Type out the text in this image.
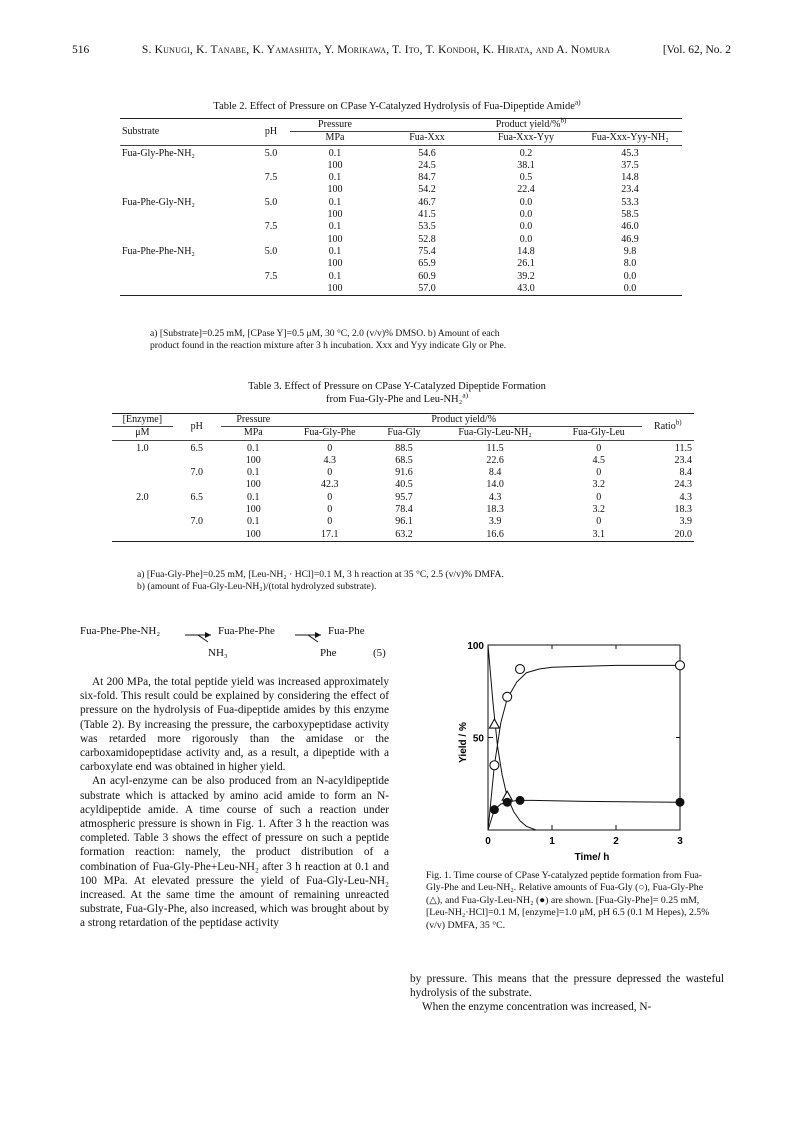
516	S. Kunugi, K. Tanabe, K. Yamashita, Y. Morikawa, T. Ito, T. Kondoh, K. Hirata, and A. Nomura	[Vol. 62, No. 2
Table 2. Effect of Pressure on CPase Y-Catalyzed Hydrolysis of Fua-Dipeptide Amide$^{a)}$
Substrate	pH	Pressure	Product yield/%$^{b)}$
		MPa	Fua-Xxx	Fua-Xxx-Yyy	Fua-Xxx-Yyy-NH₂
Fua-Gly-Phe-NH₂	5.0	0.1	54.6	0.2	45.3
		100	24.5	38.1	37.5
	7.5	0.1	84.7	0.5	14.8
		100	54.2	22.4	23.4
Fua-Phe-Gly-NH₂	5.0	0.1	46.7	0.0	53.3
		100	41.5	0.0	58.5
	7.5	0.1	53.5	0.0	46.0
		100	52.8	0.0	46.9
Fua-Phe-Phe-NH₂	5.0	0.1	75.4	14.8	9.8
		100	65.9	26.1	8.0
	7.5	0.1	60.9	39.2	0.0
		100	57.0	43.0	0.0

a) [Substrate]=0.25 mM, [CPase Y]=0.5 μM, 30 °C, 2.0 (v/v)% DMSO. b) Amount of each
product found in the reaction mixture after 3 h incubation. Xxx and Yyy indicate Gly or Phe.
Table 3. Effect of Pressure on CPase Y-Catalyzed Dipeptide Formation
from Fua-Gly-Phe and Leu-NH₂$^{a)}$
[Enzyme]	pH	Pressure	Product yield/%				Ratio$^{b)}$
μM		MPa	Fua-Gly-Phe	Fua-Gly	Fua-Gly-Leu-NH₂	Fua-Gly-Leu	
1.0	6.5	0.1	0	88.5	11.5	0	11.5
		100	4.3	68.5	22.6	4.5	23.4
	7.0	0.1	0	91.6	8.4	0	8.4
		100	42.3	40.5	14.0	3.2	24.3
2.0	6.5	0.1	0	95.7	4.3	0	4.3
		100	0	78.4	18.3	3.2	18.3
	7.0	0.1	0	96.1	3.9	0	3.9
		100	17.1	63.2	16.6	3.1	20.0

a) [Fua-Gly-Phe]=0.25 mM, [Leu-NH₂ · HCl]=0.1 M, 3 h reaction at 35 °C, 2.5 (v/v)% DMFA.
b) (amount of Fua-Gly-Leu-NH₂)/(total hydrolyzed substrate).
Fua-Phe-Phe-NH₂ → Fua-Phe-Phe → Fua-Phe
NH₃	Phe	(5)

At 200 MPa, the total peptide yield was increased approximately six-fold. This result could be explained by considering the effect of pressure on the hydrolysis of Fua-dipeptide amides by this enzyme (Table 2). By increasing the pressure, the carboxypeptidase activity was retarded more rigorously than the amidase or the carboxamidopeptidase activity and, as a result, a dipeptide with a carboxylate end was obtained in higher yield.

An acyl-enzyme can be also produced from an N-acyldipeptide substrate which is attacked by amino acid amide to form an N-acyldipeptide amide. A time course of such a reaction under atmospheric pressure is shown in Fig. 1. After 3 h the reaction was completed. Table 3 shows the effect of pressure on such a peptide formation reaction: namely, the product distribution of a combination of Fua-Gly-Phe+Leu-NH₂ after 3 h reaction at 0.1 and 100 MPa. At elevated pressure the yield of Fua-Gly-Leu-NH₂ increased. At the same time the amount of remaining unreacted substrate, Fua-Gly-Phe, also increased, which was brought about by a strong retardation of the peptidase activity

0	1	2	3
100
50
Time/ h
Yield / %
Fig. 1. Time course of CPase Y-catalyzed peptide formation from Fua-Gly-Phe and Leu-NH₂. Relative amounts of Fua-Gly (○), Fua-Gly-Phe (△), and Fua-Gly-Leu-NH₂ (●) are shown. [Fua-Gly-Phe]= 0.25 mM, [Leu-NH₂·HCl]=0.1 M, [enzyme]=1.0 μM, pH 6.5 (0.1 M Hepes), 2.5%(v/v) DMFA, 35 °C.
by pressure. This means that the pressure depressed the wasteful hydrolysis of the substrate.

When the enzyme concentration was increased, N-
